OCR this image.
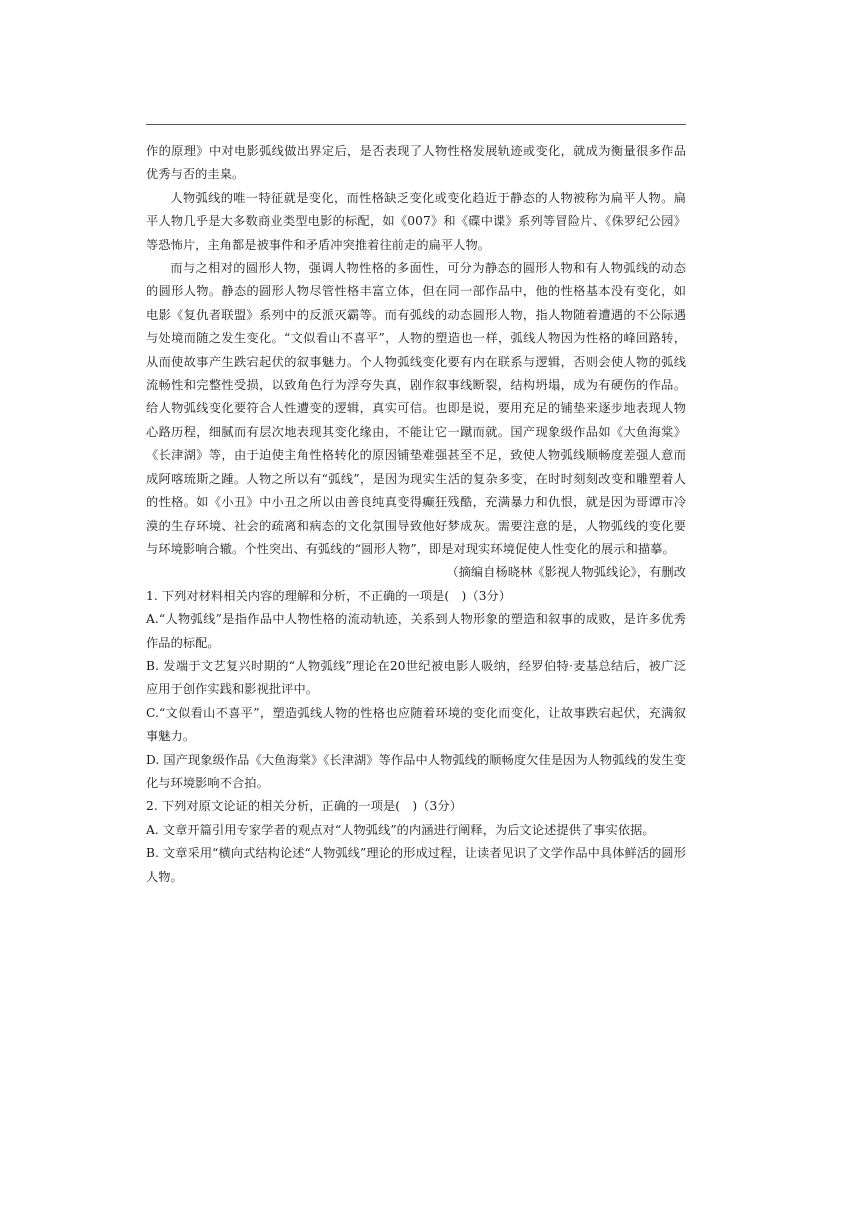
作的原理》中对电影弧线做出界定后，是否表现了人物性格发展轨迹或变化，就成为衡量很多作品优秀与否的圭臬。

人物弧线的唯一特征就是变化，而性格缺乏变化或变化趋近于静态的人物被称为扁平人物。扁平人物几乎是大多数商业类型电影的标配，如《007》和《碟中谍》系列等冒险片、《侏罗纪公园》等恐怖片，主角都是被事件和矛盾冲突推着往前走的扁平人物。

而与之相对的圆形人物，强调人物性格的多面性，可分为静态的圆形人物和有人物弧线的动态的圆形人物。静态的圆形人物尽管性格丰富立体，但在同一部作品中，他的性格基本没有变化，如电影《复仇者联盟》系列中的反派灭霸等。而有弧线的动态圆形人物，指人物随着遭遇的不公际遇与处境而随之发生变化。“文似看山不喜平”，人物的塑造也一样，弧线人物因为性格的峰回路转，从而使故事产生跌宕起伏的叙事魅力。个人物弧线变化要有内在联系与逻辑，否则会使人物的弧线流畅性和完整性受损，以致角色行为浮夸失真，剧作叙事线断裂，结构坍塌，成为有硬伤的作品。给人物弧线变化要符合人性遭变的逻辑，真实可信。也即是说，要用充足的铺垫来逐步地表现人物心路历程，细腻而有层次地表现其变化缘由，不能让它一蹴而就。国产现象级作品如《大鱼海棠》《长津湖》等，由于迫使主角性格转化的原因铺垫难强甚至不足，致使人物弧线顺畅度差强人意而成阿喀琉斯之踵。人物之所以有“弧线”，是因为现实生活的复杂多变，在时时刻刻改变和雕塑着人的性格。如《小丑》中小丑之所以由善良纯真变得癫狂残酷，充满暴力和仇恨，就是因为哥谭市冷漠的生存环境、社会的疏离和病态的文化氛围导致他好梦成灰。需要注意的是，人物弧线的变化要与环境影响合辙。个性突出、有弧线的“圆形人物”，即是对现实环境促使人性变化的展示和描摹。

（摘编自杨晓林《影视人物弧线论》，有删改

1. 下列对材料相关内容的理解和分析，不正确的一项是(　)（3分）

A.“人物弧线”是指作品中人物性格的流动轨迹，关系到人物形象的塑造和叙事的成败，是许多优秀作品的标配。

B. 发端于文艺复兴时期的“人物弧线”理论在20世纪被电影人吸纳，经罗伯特·麦基总结后，被广泛应用于创作实践和影视批评中。

C.“文似看山不喜平”，塑造弧线人物的性格也应随着环境的变化而变化，让故事跌宕起伏，充满叙事魅力。

D. 国产现象级作品《大鱼海棠》《长津湖》等作品中人物弧线的顺畅度欠佳是因为人物弧线的发生变化与环境影响不合拍。

2. 下列对原文论证的相关分析，正确的一项是(　)（3分）

A. 文章开篇引用专家学者的观点对“人物弧线”的内涵进行阐释，为后文论述提供了事实依据。

B. 文章采用“横向式结构论述“人物弧线”理论的形成过程，让读者见识了文学作品中具体鲜活的圆形人物。
